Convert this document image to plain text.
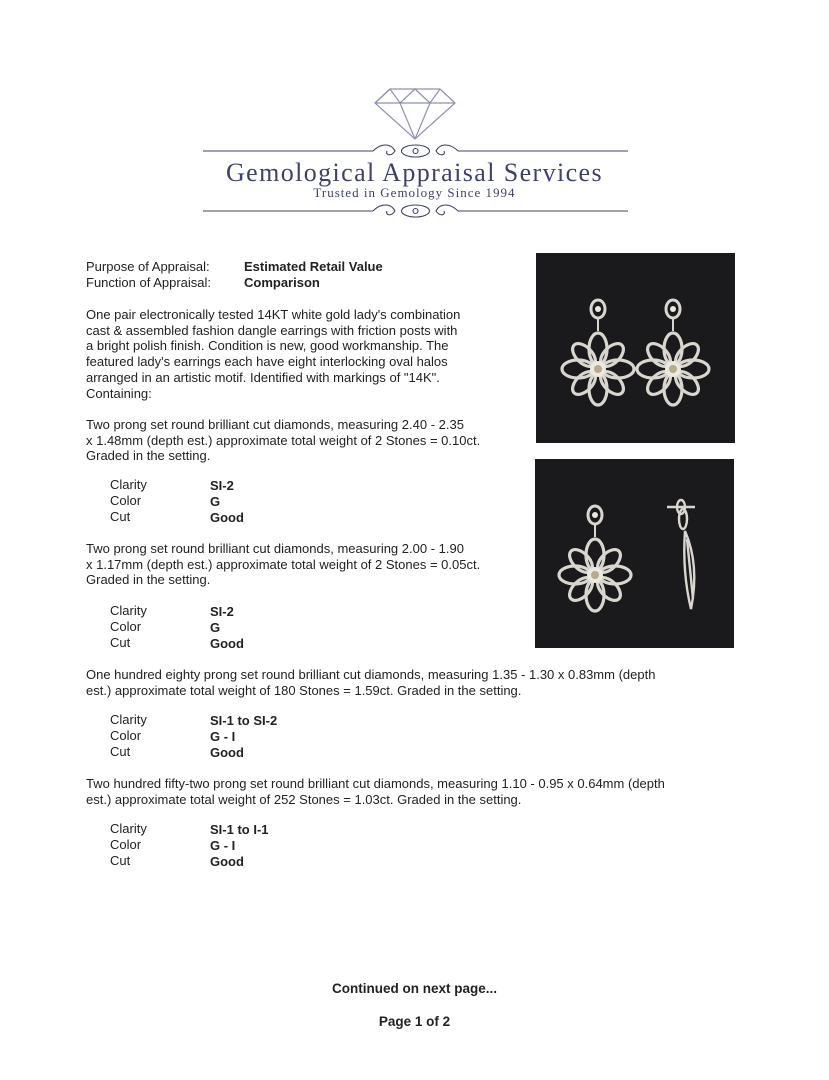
Gemological Appraisal Services
Trusted in Gemology Since 1994
Purpose of Appraisal:	Estimated Retail Value
Function of Appraisal:	Comparison
One pair electronically tested 14KT white gold lady's combination
cast & assembled fashion dangle earrings with friction posts with
a bright polish finish. Condition is new, good workmanship. The
featured lady's earrings each have eight interlocking oval halos
arranged in an artistic motif. Identified with markings of "14K".
Containing:
Two prong set round brilliant cut diamonds, measuring 2.40 - 2.35
x 1.48mm (depth est.) approximate total weight of 2 Stones = 0.10ct.
Graded in the setting.
Clarity	SI-2
Color	G
Cut	Good
Two prong set round brilliant cut diamonds, measuring 2.00 - 1.90
x 1.17mm (depth est.) approximate total weight of 2 Stones = 0.05ct.
Graded in the setting.
Clarity	SI-2
Color	G
Cut	Good
One hundred eighty prong set round brilliant cut diamonds, measuring 1.35 - 1.30 x 0.83mm (depth
est.) approximate total weight of 180 Stones = 1.59ct. Graded in the setting.
Clarity	SI-1 to SI-2
Color	G - I
Cut	Good
Two hundred fifty-two prong set round brilliant cut diamonds, measuring 1.10 - 0.95 x 0.64mm (depth
est.) approximate total weight of 252 Stones = 1.03ct. Graded in the setting.
Clarity	SI-1 to I-1
Color	G - I
Cut	Good
Continued on next page...
Page 1 of 2
